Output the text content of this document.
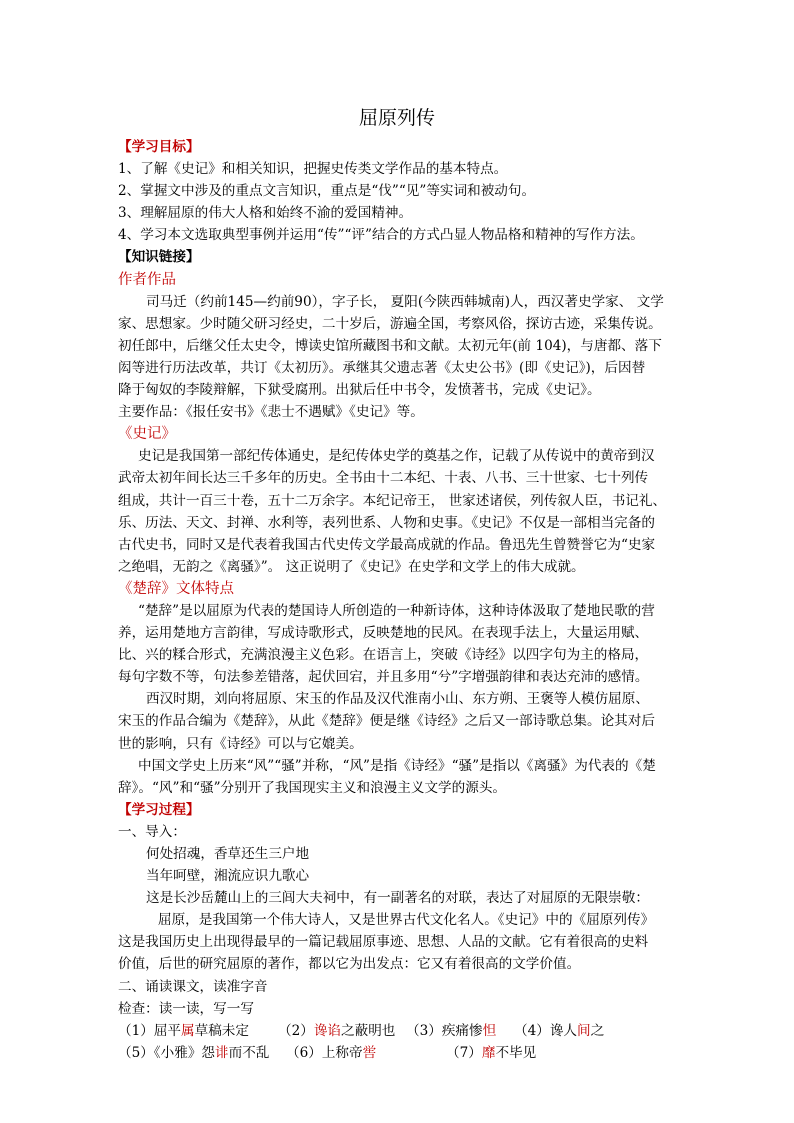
屈原列传

【学习目标】

1、了解《史记》和相关知识，把握史传类文学作品的基本特点。

2、掌握文中涉及的重点文言知识，重点是“伐”“见”等实词和被动句。

3、理解屈原的伟大人格和始终不渝的爱国精神。

4、学习本文选取典型事例并运用“传”“评”结合的方式凸显人物品格和精神的写作方法。

【知识链接】

作者作品

司马迁（约前145—约前90），字子长， 夏阳(今陕西韩城南)人，西汉著史学家、 文学

家、思想家。少时随父研习经史，二十岁后，游遍全国，考察风俗，探访古迹，采集传说。

初任郎中，后继父任太史令，博读史馆所藏图书和文献。太初元年(前 104)，与唐都、落下

闳等进行历法改革，共订《太初历》。承继其父遗志著《太史公书》(即《史记》)，后因替

降于匈奴的李陵辩解，下狱受腐刑。出狱后任中书令，发愤著书，完成《史记》。

主要作品：《报任安书》《悲士不遇赋》《史记》等。

《史记》

史记是我国第一部纪传体通史，是纪传体史学的奠基之作，记载了从传说中的黄帝到汉

武帝太初年间长达三千多年的历史。全书由十二本纪、十表、八书、三十世家、七十列传

组成，共计一百三十卷，五十二万余字。本纪记帝王， 世家述诸侯，列传叙人臣，书记礼、

乐、历法、天文、封禅、水利等，表列世系、人物和史事。《史记》不仅是一部相当完备的

古代史书，同时又是代表着我国古代史传文学最高成就的作品。鲁迅先生曾赞誉它为“史家

之绝唱，无韵之《离骚》”。 这正说明了《史记》在史学和文学上的伟大成就。

《楚辞》文体特点

“楚辞”是以屈原为代表的楚国诗人所创造的一种新诗体，这种诗体汲取了楚地民歌的营

养，运用楚地方言韵律，写成诗歌形式，反映楚地的民风。在表现手法上，大量运用赋、

比、兴的糅合形式，充满浪漫主义色彩。在语言上，突破《诗经》以四字句为主的格局，

每句字数不等，句法参差错落，起伏回宕，并且多用“兮”字增强韵律和表达充沛的感情。

西汉时期，刘向将屈原、宋玉的作品及汉代淮南小山、东方朔、王褒等人模仿屈原、

宋玉的作品合编为《楚辞》，从此《楚辞》便是继《诗经》之后又一部诗歌总集。论其对后

世的影响，只有《诗经》可以与它媲美。

中国文学史上历来“风”“骚”并称，“风”是指《诗经》“骚”是指以《离骚》为代表的《楚

辞》。“风”和“骚”分别开了我国现实主义和浪漫主义文学的源头。

【学习过程】

一、导入：

何处招魂，香草还生三户地

当年呵壁，湘流应识九歌心

这是长沙岳麓山上的三闾大夫祠中，有一副著名的对联，表达了对屈原的无限崇敬：

屈原，是我国第一个伟大诗人，又是世界古代文化名人。《史记》中的《屈原列传》

这是我国历史上出现得最早的一篇记载屈原事迹、思想、人品的文献。它有着很高的史料

价值，后世的研究屈原的著作，都以它为出发点：它又有着很高的文学价值。

二、诵读课文，读准字音

检查：读一读，写一写

（1）屈平属草稿未定	（2）谗谄之蔽明也 （3）疾痛惨怛	（4）谗人间之

（5）《小雅》怨诽而不乱	（6）上称帝喾	（7）靡不毕见
